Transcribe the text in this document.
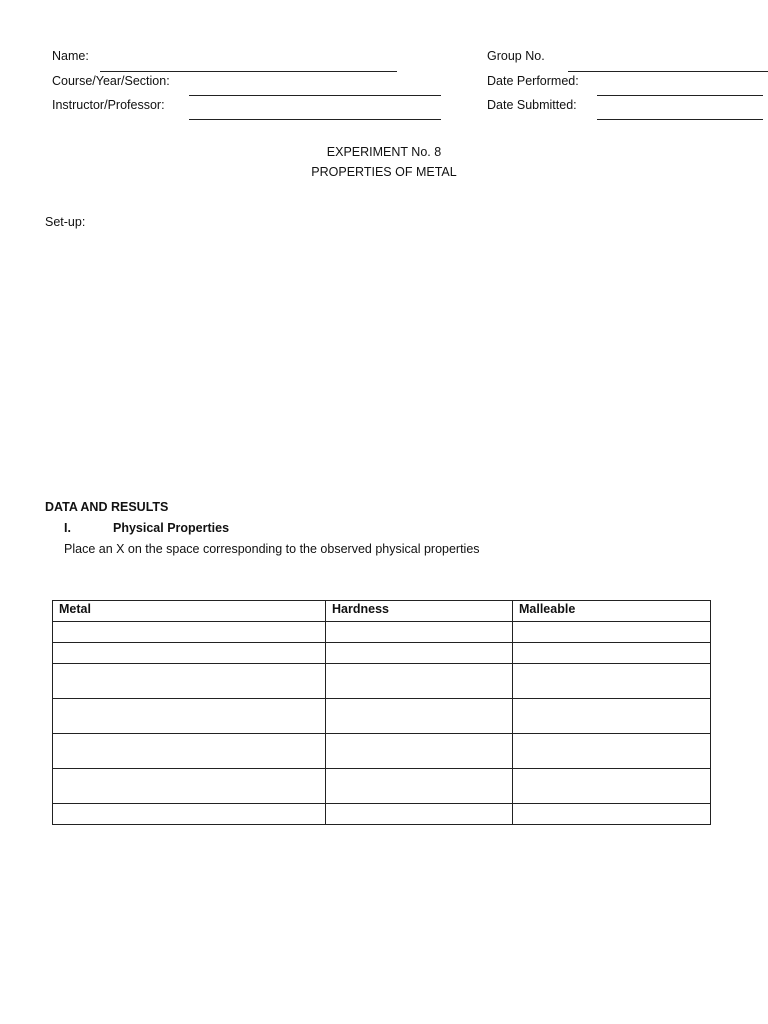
Name:
Course/Year/Section:
Instructor/Professor:
Group No.
Date Performed:
Date Submitted:
EXPERIMENT No. 8
PROPERTIES OF METAL
Set-up:
DATA AND RESULTS
I.	Physical Properties
Place an X on the space corresponding to the observed physical properties
Metal	Hardness	Malleable
